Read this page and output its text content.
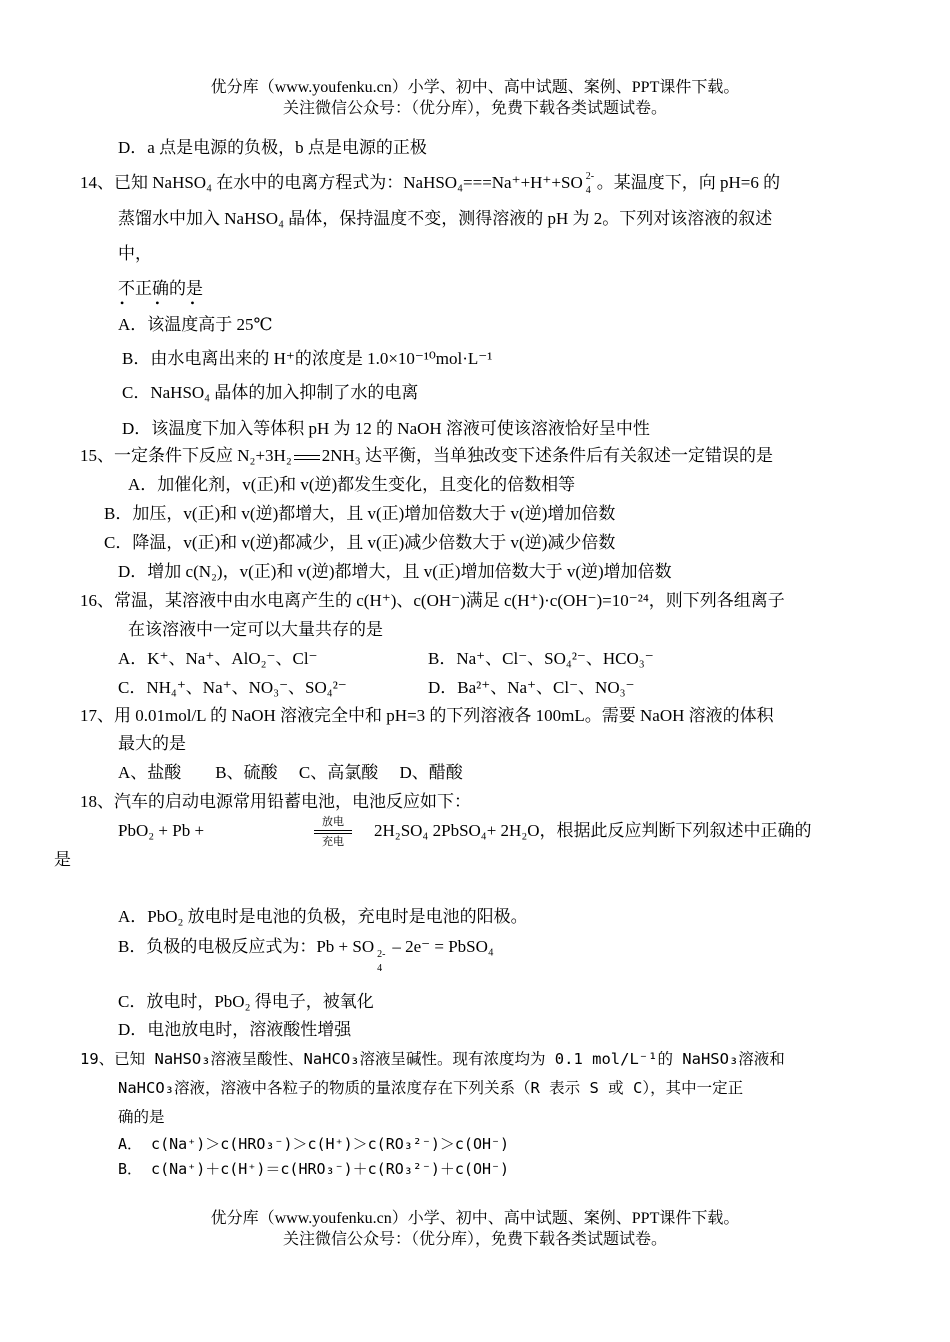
优分库（www.youfenku.cn）小学、初中、高中试题、案例、PPT课件下载。
关注微信公众号：（优分库），免费下载各类试题试卷。
D．a 点是电源的负极，b 点是电源的正极
14、已知 NaHSO₄ 在水中的电离方程式为：NaHSO₄===Na⁺+H⁺+SO 2-
4 。某温度下，向 pH=6 的
蒸馏水中加入 NaHSO₄ 晶体，保持温度不变，测得溶液的 pH 为 2。下列对该溶液的叙述
中，
不正确的是
• • •
A．该温度高于 25℃
B．由水电离出来的 H⁺的浓度是 1.0×10⁻¹⁰mol·L⁻¹
C．NaHSO₄ 晶体的加入抑制了水的电离
D．该温度下加入等体积 pH 为 12 的 NaOH 溶液可使该溶液恰好呈中性
15、一定条件下反应 N₂+3H₂ 2NH₃ 达平衡，当单独改变下述条件后有关叙述一定错误的是
A．加催化剂，v(正)和 v(逆)都发生变化，且变化的倍数相等
B．加压，v(正)和 v(逆)都增大，且 v(正)增加倍数大于 v(逆)增加倍数
C．降温，v(正)和 v(逆)都减少，且 v(正)减少倍数大于 v(逆)减少倍数
D．增加 c(N₂)，v(正)和 v(逆)都增大，且 v(正)增加倍数大于 v(逆)增加倍数
16、常温，某溶液中由水电离产生的 c(H⁺)、c(OH⁻)满足 c(H⁺)·c(OH⁻)=10⁻²⁴，则下列各组离子
在该溶液中一定可以大量共存的是
A．K⁺、Na⁺、AlO₂⁻、Cl⁻	B．Na⁺、Cl⁻、SO₄²⁻、HCO₃⁻
C．NH₄⁺、Na⁺、NO₃⁻、SO₄²⁻	D．Ba²⁺、Na⁺、Cl⁻、NO₃⁻
17、用 0.01mol/L 的 NaOH 溶液完全中和 pH=3 的下列溶液各 100mL。需要 NaOH 溶液的体积
最大的是
A、盐酸　　B、硫酸　 C、高氯酸　 D、醋酸
18、汽车的启动电源常用铅蓄电池，电池反应如下：
PbO₂ + Pb +	放电
充电
2H₂SO₄ 2PbSO₄+ 2H₂O，根据此反应判断下列叙述中正确的
是
A．PbO₂ 放电时是电池的负极，充电时是电池的阳极。
B．负极的电极反应式为：Pb + SO 2-
4
– 2e⁻ = PbSO₄
C．放电时，PbO₂ 得电子，被氧化
D．电池放电时，溶液酸性增强
19、已知 NaHSO₃溶液呈酸性、NaHCO₃溶液呈碱性。现有浓度均为 0.1 mol/L⁻¹的 NaHSO₃溶液和
NaHCO₃溶液，溶液中各粒子的物质的量浓度存在下列关系（R 表示 S 或 C），其中一定正
确的是
A． c(Na⁺)＞c(HRO₃⁻)＞c(H⁺)＞c(RO₃²⁻)＞c(OH⁻)
B． c(Na⁺)＋c(H⁺)＝c(HRO₃⁻)＋c(RO₃²⁻)＋c(OH⁻)
优分库（www.youfenku.cn）小学、初中、高中试题、案例、PPT课件下载。
关注微信公众号：（优分库），免费下载各类试题试卷。
